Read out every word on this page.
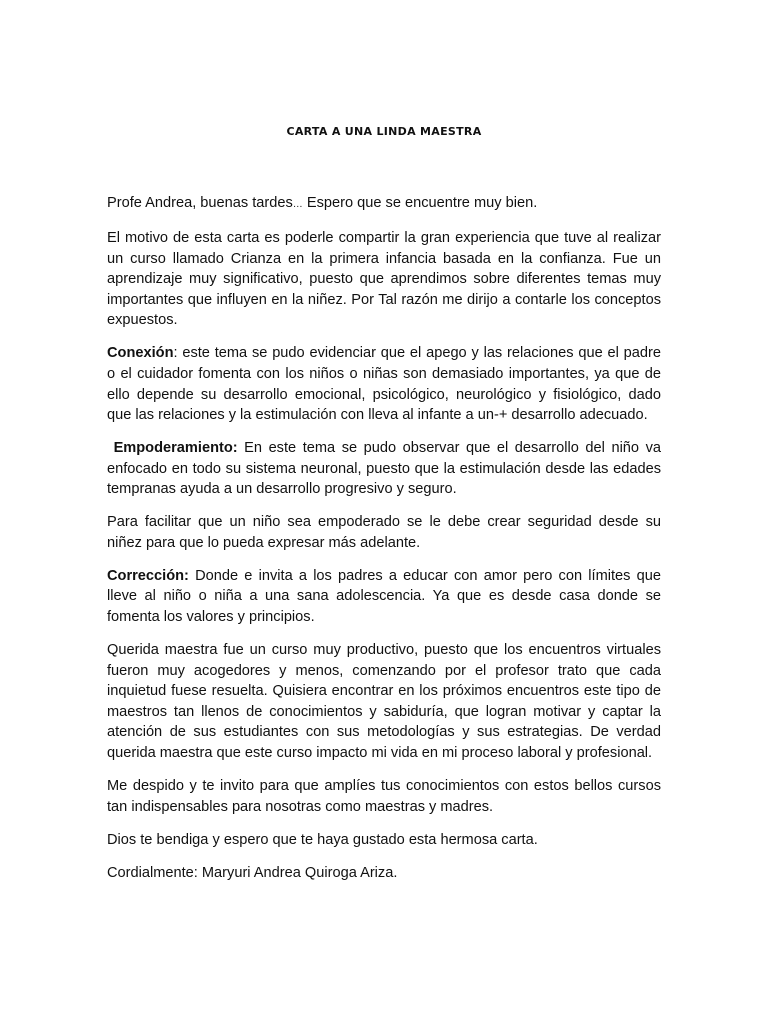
CARTA A UNA LINDA MAESTRA

Profe Andrea, buenas tardes… Espero que se encuentre muy bien.

El motivo de esta carta es poderle compartir la gran experiencia que tuve al realizar un curso llamado Crianza en la primera infancia basada en la confianza. Fue un aprendizaje muy significativo, puesto que aprendimos sobre diferentes temas muy importantes que influyen en la niñez. Por Tal razón me dirijo a contarle los conceptos expuestos.

Conexión: este tema se pudo evidenciar que el apego y las relaciones que el padre o el cuidador fomenta con los niños o niñas son demasiado importantes, ya que de ello depende su desarrollo emocional, psicológico, neurológico y fisiológico, dado que las relaciones y la estimulación con lleva al infante a un-+ desarrollo adecuado.

Empoderamiento: En este tema se pudo observar que el desarrollo del niño va enfocado en todo su sistema neuronal, puesto que la estimulación desde las edades tempranas ayuda a un desarrollo progresivo y seguro.

Para facilitar que un niño sea empoderado se le debe crear seguridad desde su niñez para que lo pueda expresar más adelante.

Corrección: Donde e invita a los padres a educar con amor pero con límites que lleve al niño o niña a una sana adolescencia. Ya que es desde casa donde se fomenta los valores y principios.

Querida maestra fue un curso muy productivo, puesto que los encuentros virtuales fueron muy acogedores y menos, comenzando por el profesor trato que cada inquietud fuese resuelta. Quisiera encontrar en los próximos encuentros este tipo de maestros tan llenos de conocimientos y sabiduría, que logran motivar y captar la atención de sus estudiantes con sus metodologías y sus estrategias. De verdad querida maestra que este curso impacto mi vida en mi proceso laboral y profesional.

Me despido y te invito para que amplíes tus conocimientos con estos bellos cursos tan indispensables para nosotras como maestras y madres.

Dios te bendiga y espero que te haya gustado esta hermosa carta.

Cordialmente: Maryuri Andrea Quiroga Ariza.
